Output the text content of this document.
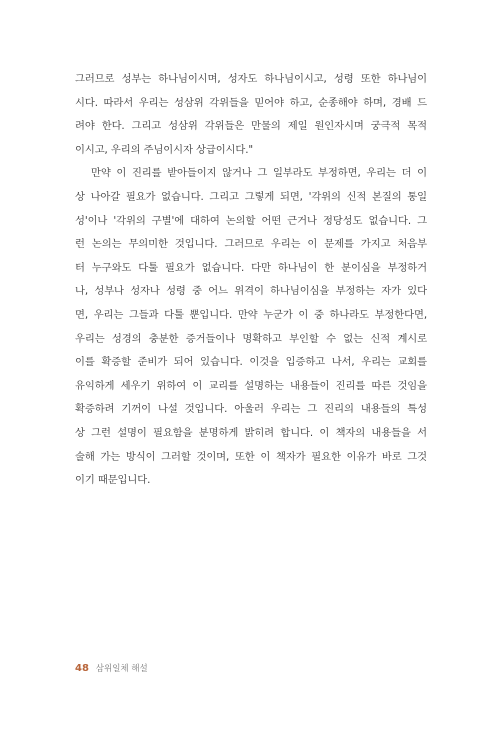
그러므로 성부는 하나님이시며, 성자도 하나님이시고, 성령 또한 하나님이
시다. 따라서 우리는 성삼위 각위들을 믿어야 하고, 순종해야 하며, 경배 드
려야 한다. 그리고 성삼위 각위들은 만물의 제일 원인자시며 궁극적 목적
이시고, 우리의 주님이시자 상급이시다."
만약 이 진리를 받아들이지 않거나 그 일부라도 부정하면, 우리는 더 이
상 나아갈 필요가 없습니다. 그리고 그렇게 되면, '각위의 신적 본질의 통일
성'이나 '각위의 구별'에 대하여 논의할 어떤 근거나 정당성도 없습니다. 그
런 논의는 무의미한 것입니다. 그러므로 우리는 이 문제를 가지고 처음부
터 누구와도 다툴 필요가 없습니다. 다만 하나님이 한 분이심을 부정하거
나, 성부나 성자나 성령 중 어느 위격이 하나님이심을 부정하는 자가 있다
면, 우리는 그들과 다툴 뿐입니다. 만약 누군가 이 중 하나라도 부정한다면,
우리는 성경의 충분한 증거들이나 명확하고 부인할 수 없는 신적 계시로
이를 확증할 준비가 되어 있습니다. 이것을 입증하고 나서, 우리는 교회를
유익하게 세우기 위하여 이 교리를 설명하는 내용들이 진리를 따른 것임을
확증하려 기꺼이 나설 것입니다. 아울러 우리는 그 진리의 내용들의 특성
상 그런 설명이 필요함을 분명하게 밝히려 합니다. 이 책자의 내용들을 서
술해 가는 방식이 그러할 것이며, 또한 이 책자가 필요한 이유가 바로 그것
이기 때문입니다.
48 삼위일체 해설
